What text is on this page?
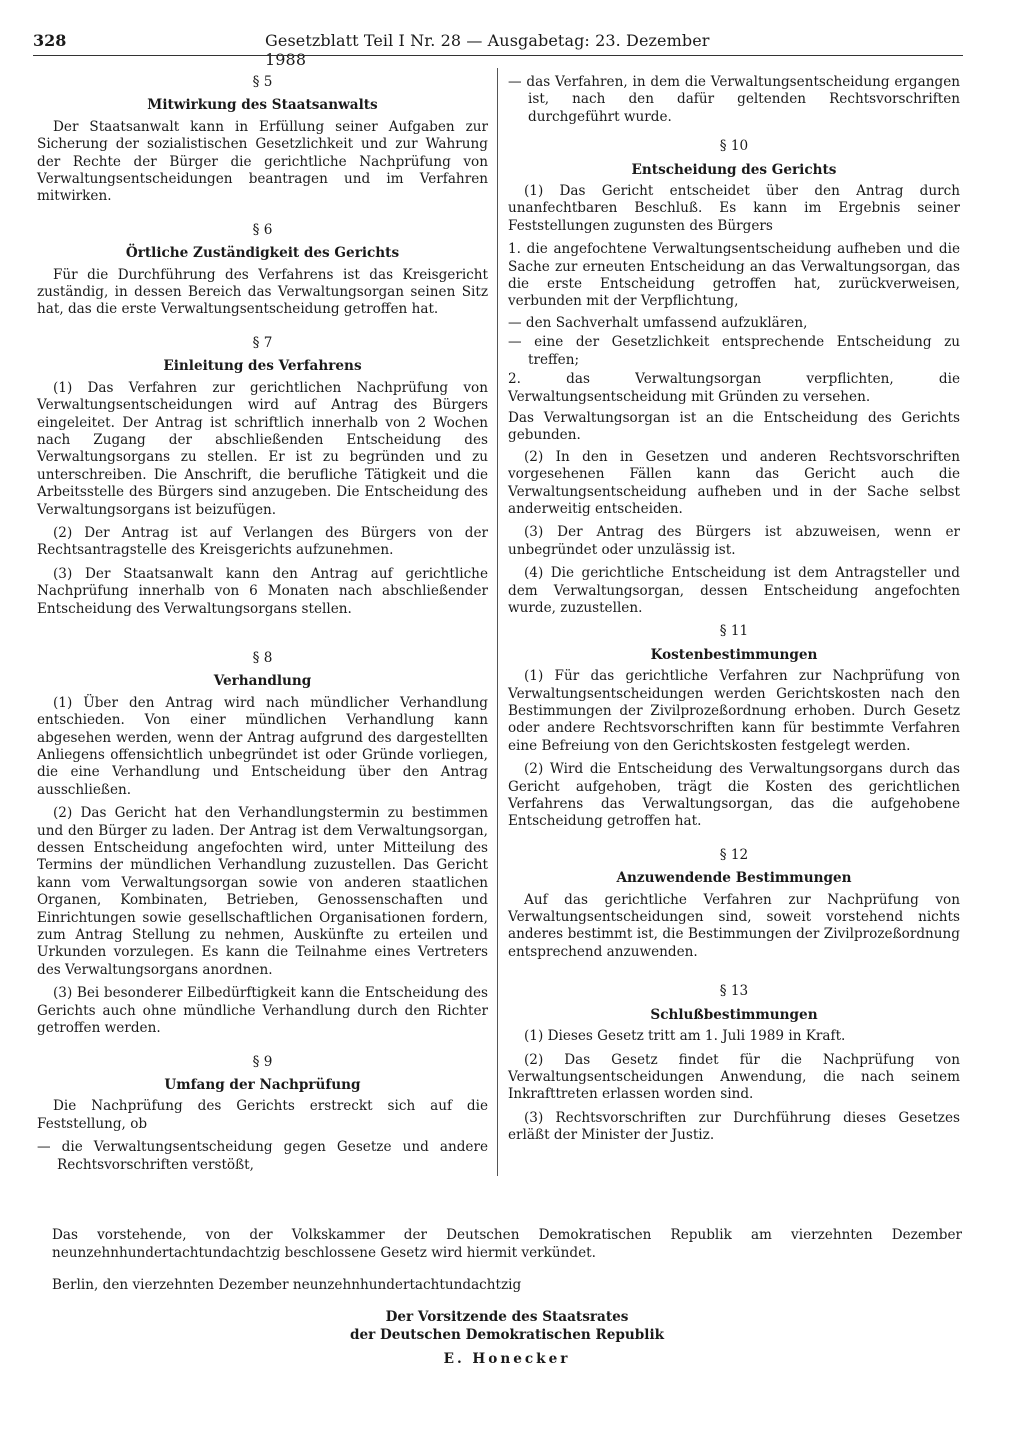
328	Gesetzblatt Teil I Nr. 28 — Ausgabetag: 23. Dezember 1988
§ 5
Mitwirkung des Staatsanwalts
Der Staatsanwalt kann in Erfüllung seiner Aufgaben zur Sicherung der sozialistischen Gesetzlichkeit und zur Wahrung der Rechte der Bürger die gerichtliche Nachprüfung von Verwaltungsentscheidungen beantragen und im Verfahren mitwirken.
§ 6
Örtliche Zuständigkeit des Gerichts
Für die Durchführung des Verfahrens ist das Kreisgericht zuständig, in dessen Bereich das Verwaltungsorgan seinen Sitz hat, das die erste Verwaltungsentscheidung getroffen hat.
§ 7
Einleitung des Verfahrens
(1) Das Verfahren zur gerichtlichen Nachprüfung von Verwaltungsentscheidungen wird auf Antrag des Bürgers eingeleitet. Der Antrag ist schriftlich innerhalb von 2 Wochen nach Zugang der abschließenden Entscheidung des Verwaltungsorgans zu stellen. Er ist zu begründen und zu unterschreiben. Die Anschrift, die berufliche Tätigkeit und die Arbeitsstelle des Bürgers sind anzugeben. Die Entscheidung des Verwaltungsorgans ist beizufügen.
(2) Der Antrag ist auf Verlangen des Bürgers von der Rechtsantragstelle des Kreisgerichts aufzunehmen.
(3) Der Staatsanwalt kann den Antrag auf gerichtliche Nachprüfung innerhalb von 6 Monaten nach abschließender Entscheidung des Verwaltungsorgans stellen.
§ 8
Verhandlung
(1) Über den Antrag wird nach mündlicher Verhandlung entschieden. Von einer mündlichen Verhandlung kann abgesehen werden, wenn der Antrag aufgrund des dargestellten Anliegens offensichtlich unbegründet ist oder Gründe vorliegen, die eine Verhandlung und Entscheidung über den Antrag ausschließen.
(2) Das Gericht hat den Verhandlungstermin zu bestimmen und den Bürger zu laden. Der Antrag ist dem Verwaltungsorgan, dessen Entscheidung angefochten wird, unter Mitteilung des Termins der mündlichen Verhandlung zuzustellen. Das Gericht kann vom Verwaltungsorgan sowie von anderen staatlichen Organen, Kombinaten, Betrieben, Genossenschaften und Einrichtungen sowie gesellschaftlichen Organisationen fordern, zum Antrag Stellung zu nehmen, Auskünfte zu erteilen und Urkunden vorzulegen. Es kann die Teilnahme eines Vertreters des Verwaltungsorgans anordnen.
(3) Bei besonderer Eilbedürftigkeit kann die Entscheidung des Gerichts auch ohne mündliche Verhandlung durch den Richter getroffen werden.
§ 9
Umfang der Nachprüfung
Die Nachprüfung des Gerichts erstreckt sich auf die Feststellung, ob
— die Verwaltungsentscheidung gegen Gesetze und andere Rechtsvorschriften verstößt,
— das Verfahren, in dem die Verwaltungsentscheidung ergangen ist, nach den dafür geltenden Rechtsvorschriften durchgeführt wurde.
§ 10
Entscheidung des Gerichts
(1) Das Gericht entscheidet über den Antrag durch unanfechtbaren Beschluß. Es kann im Ergebnis seiner Feststellungen zugunsten des Bürgers
1. die angefochtene Verwaltungsentscheidung aufheben und die Sache zur erneuten Entscheidung an das Verwaltungsorgan, das die erste Entscheidung getroffen hat, zurückverweisen, verbunden mit der Verpflichtung,
— den Sachverhalt umfassend aufzuklären,
— eine der Gesetzlichkeit entsprechende Entscheidung zu treffen;
2. das Verwaltungsorgan verpflichten, die Verwaltungsentscheidung mit Gründen zu versehen.
Das Verwaltungsorgan ist an die Entscheidung des Gerichts gebunden.
(2) In den in Gesetzen und anderen Rechtsvorschriften vorgesehenen Fällen kann das Gericht auch die Verwaltungsentscheidung aufheben und in der Sache selbst anderweitig entscheiden.
(3) Der Antrag des Bürgers ist abzuweisen, wenn er unbegründet oder unzulässig ist.
(4) Die gerichtliche Entscheidung ist dem Antragsteller und dem Verwaltungsorgan, dessen Entscheidung angefochten wurde, zuzustellen.
§ 11
Kostenbestimmungen
(1) Für das gerichtliche Verfahren zur Nachprüfung von Verwaltungsentscheidungen werden Gerichtskosten nach den Bestimmungen der Zivilprozeßordnung erhoben. Durch Gesetz oder andere Rechtsvorschriften kann für bestimmte Verfahren eine Befreiung von den Gerichtskosten festgelegt werden.
(2) Wird die Entscheidung des Verwaltungsorgans durch das Gericht aufgehoben, trägt die Kosten des gerichtlichen Verfahrens das Verwaltungsorgan, das die aufgehobene Entscheidung getroffen hat.
§ 12
Anzuwendende Bestimmungen
Auf das gerichtliche Verfahren zur Nachprüfung von Verwaltungsentscheidungen sind, soweit vorstehend nichts anderes bestimmt ist, die Bestimmungen der Zivilprozeßordnung entsprechend anzuwenden.
§ 13
Schlußbestimmungen
(1) Dieses Gesetz tritt am 1. Juli 1989 in Kraft.
(2) Das Gesetz findet für die Nachprüfung von Verwaltungsentscheidungen Anwendung, die nach seinem Inkrafttreten erlassen worden sind.
(3) Rechtsvorschriften zur Durchführung dieses Gesetzes erläßt der Minister der Justiz.
Das vorstehende, von der Volkskammer der Deutschen Demokratischen Republik am vierzehnten Dezember neunzehnhundertachtundachtzig beschlossene Gesetz wird hiermit verkündet.
Berlin, den vierzehnten Dezember neunzehnhundertachtundachtzig
Der Vorsitzende des Staatsrates
der Deutschen Demokratischen Republik
E. Honecker
